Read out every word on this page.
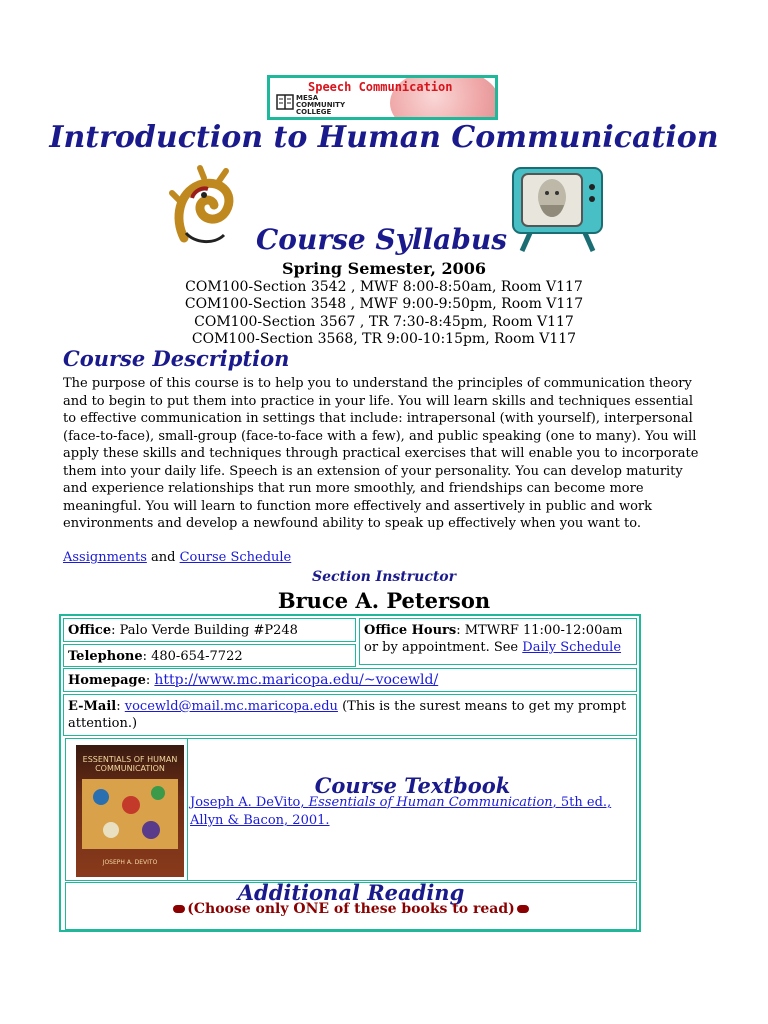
Speech Communication
MESA
COMMUNITY
COLLEGE
Introduction to Human Communication
Course Syllabus
Spring Semester, 2006
COM100-Section 3542 , MWF 8:00-8:50am, Room V117
COM100-Section 3548 , MWF 9:00-9:50pm, Room V117
COM100-Section 3567 , TR 7:30-8:45pm, Room V117
COM100-Section 3568, TR 9:00-10:15pm, Room V117
Course Description

The purpose of this course is to help you to understand the principles of communication theory and to begin to put them into practice in your life. You will learn skills and techniques essential to effective communication in settings that include: intrapersonal (with yourself), interpersonal (face-to-face), small-group (face-to-face with a few), and public speaking (one to many). You will apply these skills and techniques through practical exercises that will enable you to incorporate them into your daily life. Speech is an extension of your personality. You can develop maturity and experience relationships that run more smoothly, and friendships can become more meaningful. You will learn to function more effectively and assertively in public and work environments and develop a newfound ability to speak up effectively when you want to.

Assignments and Course Schedule
Section Instructor
Bruce A. Peterson
Office: Palo Verde Building #P248	Office Hours: MTWRF 11:00-12:00am or by appointment. See Daily Schedule
Telephone: 480-654-7722
Homepage: http://www.mc.maricopa.edu/~vocewld/
E-Mail: vocewld@mail.mc.maricopa.edu (This is the surest means to get my prompt attention.)
ESSENTIALS OF HUMAN COMMUNICATION
JOSEPH A. DEVITO
Course Textbook
Joseph A. DeVito, Essentials of Human Communication, 5th ed., Allyn & Bacon, 2001.
Additional Reading
(Choose only ONE of these books to read)
